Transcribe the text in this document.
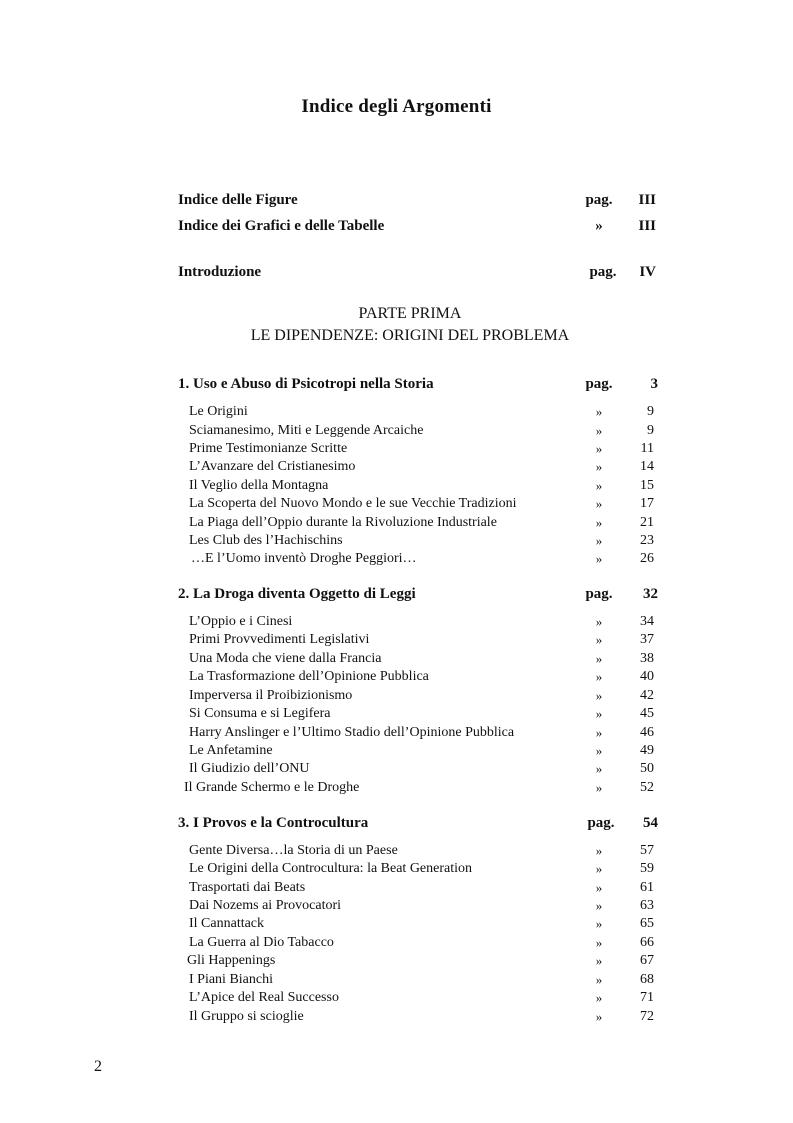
Indice degli Argomenti
Indice delle Figure	pag.	III
Indice dei Grafici e delle Tabelle	»	III
Introduzione	pag.	IV
PARTE PRIMA
LE DIPENDENZE: ORIGINI DEL PROBLEMA
1. Uso e Abuso di Psicotropi nella Storia	pag.	3
Le Origini	»	9
Sciamanesimo, Miti e Leggende Arcaiche	»	9
Prime Testimonianze Scritte	»	11
L’Avanzare del Cristianesimo	»	14
Il Veglio della Montagna	»	15
La Scoperta del Nuovo Mondo e le sue Vecchie Tradizioni	»	17
La Piaga dell’Oppio durante la Rivoluzione Industriale	»	21
Les Club des l’Hachischins	»	23
…E l’Uomo inventò Droghe Peggiori…	»	26
2. La Droga diventa Oggetto di Leggi	pag.	32
L’Oppio e i Cinesi	»	34
Primi Provvedimenti Legislativi	»	37
Una Moda che viene dalla Francia	»	38
La Trasformazione dell’Opinione Pubblica	»	40
Imperversa il Proibizionismo	»	42
Si Consuma e si Legifera	»	45
Harry Anslinger e l’Ultimo Stadio dell’Opinione Pubblica	»	46
Le Anfetamine	»	49
Il Giudizio dell’ONU	»	50
Il Grande Schermo e le Droghe	»	52
3. I Provos e la Controcultura	pag.	54
Gente Diversa…la Storia di un Paese	»	57
Le Origini della Controcultura: la Beat Generation	»	59
Trasportati dai Beats	»	61
Dai Nozems ai Provocatori	»	63
Il Cannattack	»	65
La Guerra al Dio Tabacco	»	66
Gli Happenings	»	67
I Piani Bianchi	»	68
L’Apice del Real Successo	»	71
Il Gruppo si scioglie	»	72
2
